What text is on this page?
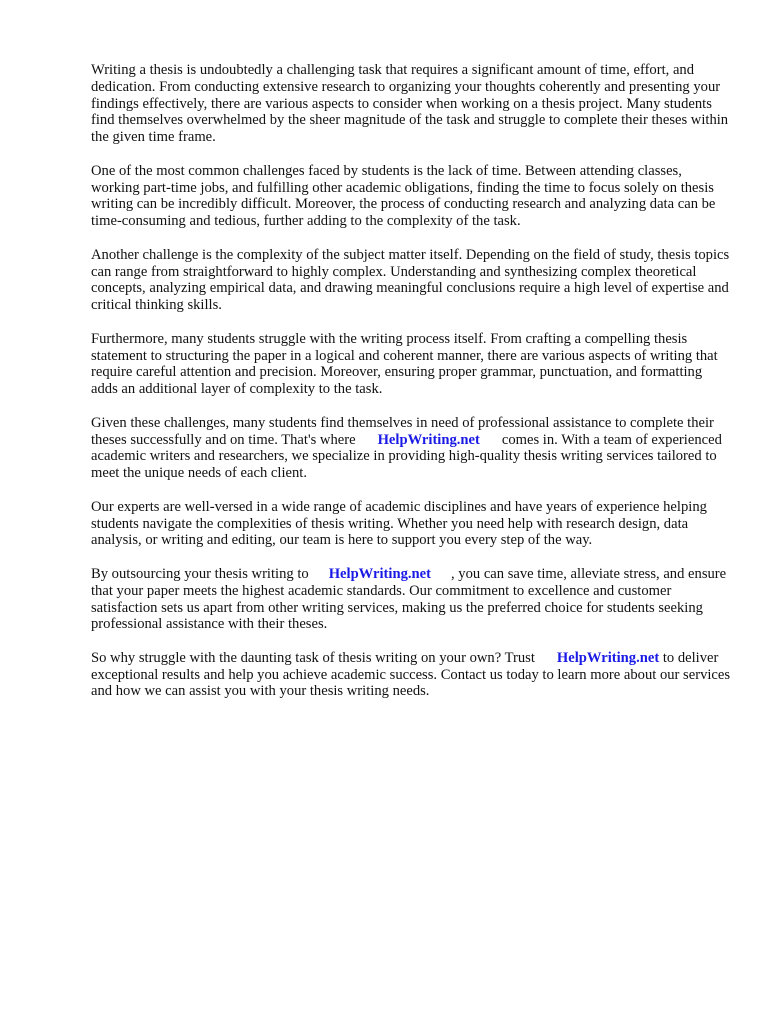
Writing a thesis is undoubtedly a challenging task that requires a significant amount of time, effort, and dedication. From conducting extensive research to organizing your thoughts coherently and presenting your findings effectively, there are various aspects to consider when working on a thesis project. Many students find themselves overwhelmed by the sheer magnitude of the task and struggle to complete their theses within the given time frame.

One of the most common challenges faced by students is the lack of time. Between attending classes, working part-time jobs, and fulfilling other academic obligations, finding the time to focus solely on thesis writing can be incredibly difficult. Moreover, the process of conducting research and analyzing data can be time-consuming and tedious, further adding to the complexity of the task.

Another challenge is the complexity of the subject matter itself. Depending on the field of study, thesis topics can range from straightforward to highly complex. Understanding and synthesizing complex theoretical concepts, analyzing empirical data, and drawing meaningful conclusions require a high level of expertise and critical thinking skills.

Furthermore, many students struggle with the writing process itself. From crafting a compelling thesis statement to structuring the paper in a logical and coherent manner, there are various aspects of writing that require careful attention and precision. Moreover, ensuring proper grammar, punctuation, and formatting adds an additional layer of complexity to the task.

Given these challenges, many students find themselves in need of professional assistance to complete their theses successfully and on time. That's where HelpWriting.net comes in. With a team of experienced academic writers and researchers, we specialize in providing high-quality thesis writing services tailored to meet the unique needs of each client.

Our experts are well-versed in a wide range of academic disciplines and have years of experience helping students navigate the complexities of thesis writing. Whether you need help with research design, data analysis, or writing and editing, our team is here to support you every step of the way.

By outsourcing your thesis writing to HelpWriting.net , you can save time, alleviate stress, and ensure that your paper meets the highest academic standards. Our commitment to excellence and customer satisfaction sets us apart from other writing services, making us the preferred choice for students seeking professional assistance with their theses.

So why struggle with the daunting task of thesis writing on your own? Trust HelpWriting.net to deliver exceptional results and help you achieve academic success. Contact us today to learn more about our services and how we can assist you with your thesis writing needs.
